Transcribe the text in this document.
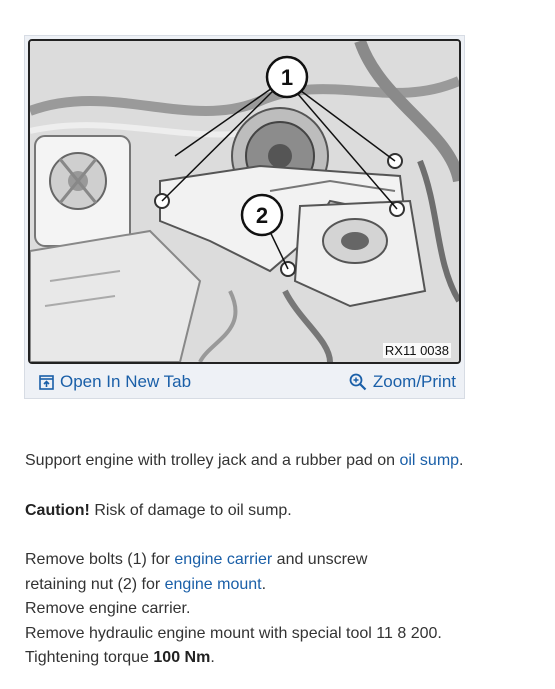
1
2
RX11 0038
Open In New Tab	Zoom/Print

Support engine with trolley jack and a rubber pad on oil sump.

Caution! Risk of damage to oil sump.

Remove bolts (1) for engine carrier and unscrew

retaining nut (2) for engine mount.

Remove engine carrier.

Remove hydraulic engine mount with special tool 11 8 200.

Tightening torque 100 Nm.
